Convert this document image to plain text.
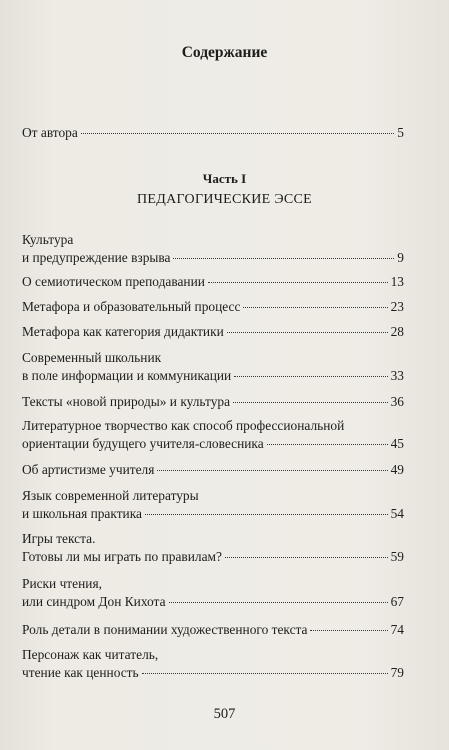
Содержание
От автора	5
Часть I
ПЕДАГОГИЧЕСКИЕ ЭССЕ
Культура
и предупреждение взрыва	9
О семиотическом преподавании	13
Метафора и образовательный процесс	23
Метафора как категория дидактики	28
Современный школьник
в поле информации и коммуникации	33
Тексты «новой природы» и культура	36
Литературное творчество как способ профессиональной
ориентации будущего учителя-словесника	45
Об артистизме учителя	49
Язык современной литературы
и школьная практика	54
Игры текста.
Готовы ли мы играть по правилам?	59
Риски чтения,
или синдром Дон Кихота	67
Роль детали в понимании художественного текста	74
Персонаж как читатель,
чтение как ценность	79
507
